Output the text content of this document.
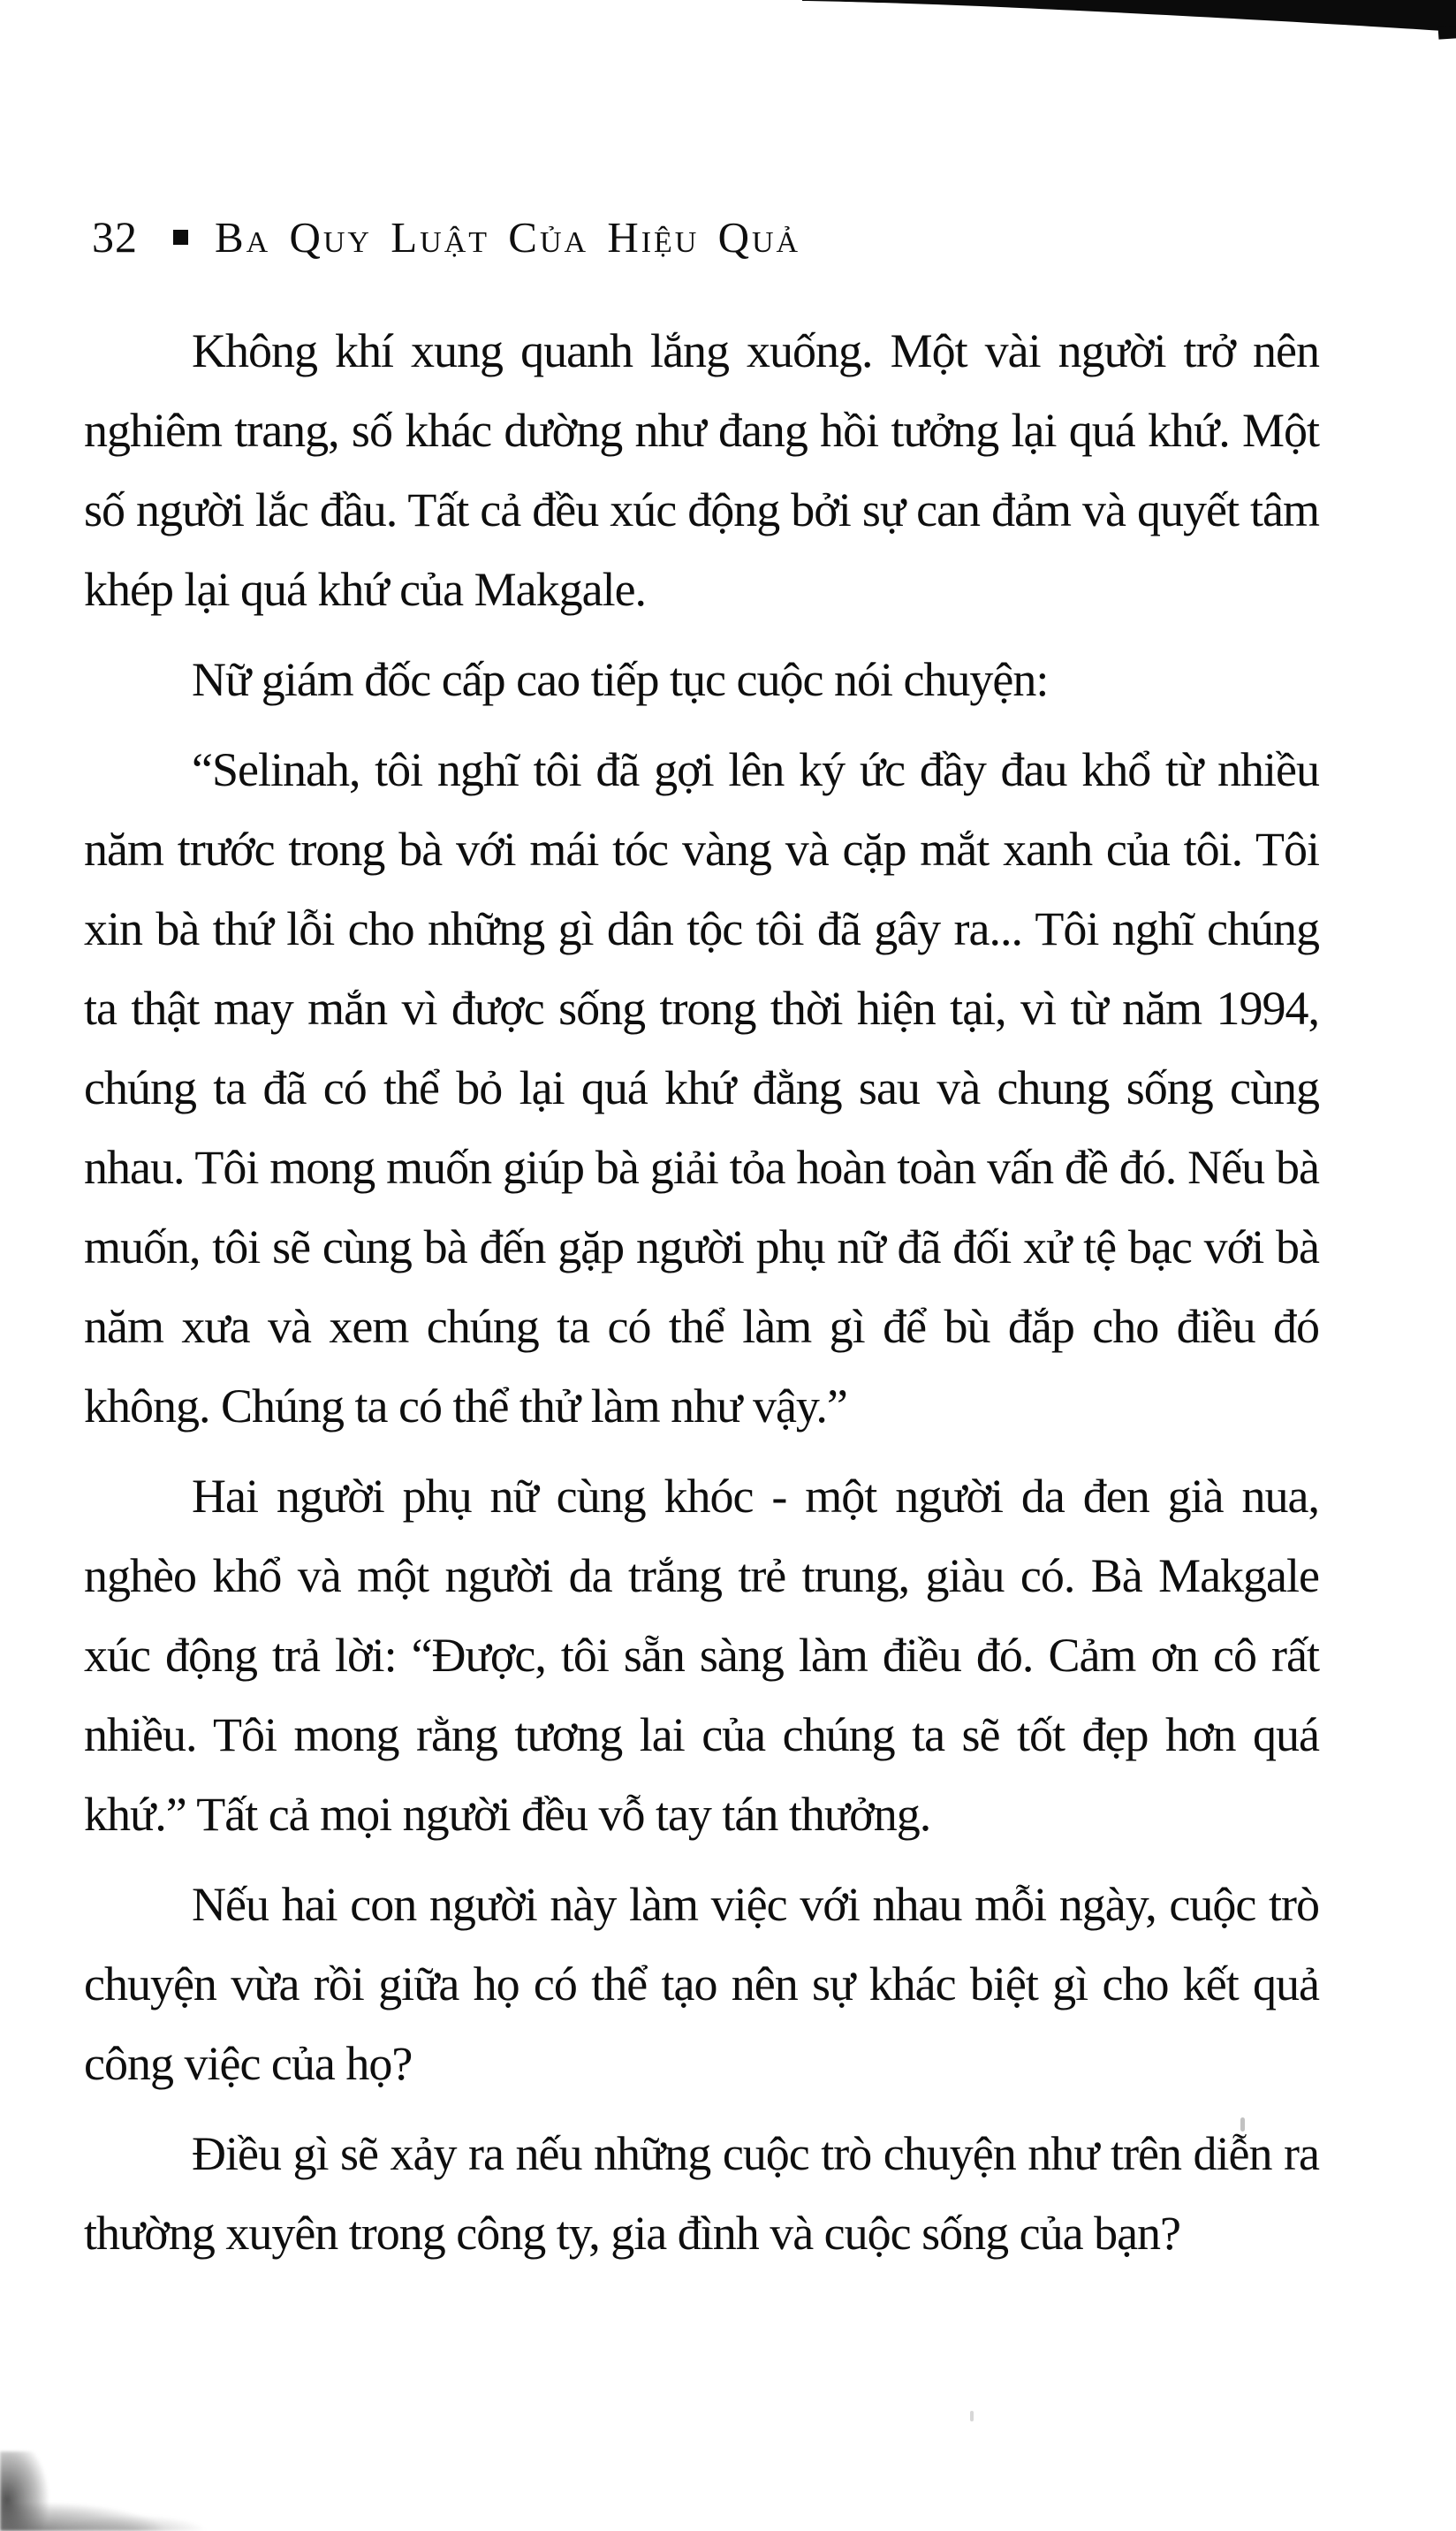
32 Ba Quy Luật Của Hiệu Quả

Không khí xung quanh lắng xuống. Một vài người trở nên nghiêm trang, số khác dường như đang hồi tưởng lại quá khứ. Một số người lắc đầu. Tất cả đều xúc động bởi sự can đảm và quyết tâm khép lại quá khứ của Makgale.

Nữ giám đốc cấp cao tiếp tục cuộc nói chuyện:

“Selinah, tôi nghĩ tôi đã gợi lên ký ức đầy đau khổ từ nhiều năm trước trong bà với mái tóc vàng và cặp mắt xanh của tôi. Tôi xin bà thứ lỗi cho những gì dân tộc tôi đã gây ra... Tôi nghĩ chúng ta thật may mắn vì được sống trong thời hiện tại, vì từ năm 1994, chúng ta đã có thể bỏ lại quá khứ đằng sau và chung sống cùng nhau. Tôi mong muốn giúp bà giải tỏa hoàn toàn vấn đề đó. Nếu bà muốn, tôi sẽ cùng bà đến gặp người phụ nữ đã đối xử tệ bạc với bà năm xưa và xem chúng ta có thể làm gì để bù đắp cho điều đó không. Chúng ta có thể thử làm như vậy.”

Hai người phụ nữ cùng khóc - một người da đen già nua, nghèo khổ và một người da trắng trẻ trung, giàu có. Bà Makgale xúc động trả lời: “Được, tôi sẵn sàng làm điều đó. Cảm ơn cô rất nhiều. Tôi mong rằng tương lai của chúng ta sẽ tốt đẹp hơn quá khứ.” Tất cả mọi người đều vỗ tay tán thưởng.

Nếu hai con người này làm việc với nhau mỗi ngày, cuộc trò chuyện vừa rồi giữa họ có thể tạo nên sự khác biệt gì cho kết quả công việc của họ?

Điều gì sẽ xảy ra nếu những cuộc trò chuyện như trên diễn ra thường xuyên trong công ty, gia đình và cuộc sống của bạn?
